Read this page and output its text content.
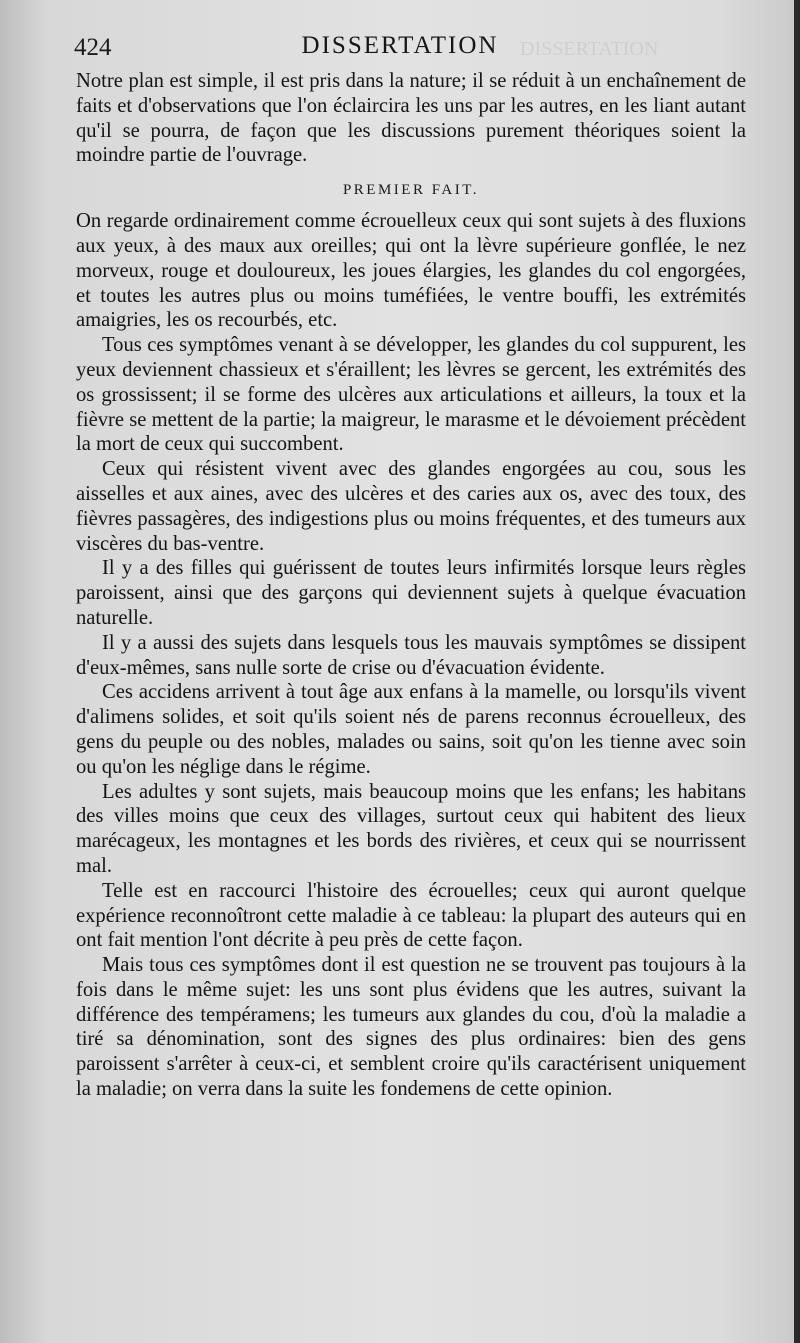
DISSERTATION
424	DISSERTATION

Notre plan est simple, il est pris dans la nature; il se réduit à un enchaînement de faits et d'observations que l'on éclaircira les uns par les autres, en les liant autant qu'il se pourra, de façon que les discussions purement théoriques soient la moindre partie de l'ouvrage.

PREMIER FAIT.

On regarde ordinairement comme écrouelleux ceux qui sont sujets à des fluxions aux yeux, à des maux aux oreilles; qui ont la lèvre supérieure gonflée, le nez morveux, rouge et douloureux, les joues élargies, les glandes du col engorgées, et toutes les autres plus ou moins tuméfiées, le ventre bouffi, les extrémités amaigries, les os recourbés, etc.

Tous ces symptômes venant à se développer, les glandes du col suppurent, les yeux deviennent chassieux et s'éraillent; les lèvres se gercent, les extrémités des os grossissent; il se forme des ulcères aux articulations et ailleurs, la toux et la fièvre se mettent de la partie; la maigreur, le marasme et le dévoiement précèdent la mort de ceux qui succombent.

Ceux qui résistent vivent avec des glandes engorgées au cou, sous les aisselles et aux aines, avec des ulcères et des caries aux os, avec des toux, des fièvres passagères, des indigestions plus ou moins fréquentes, et des tumeurs aux viscères du bas-ventre.

Il y a des filles qui guérissent de toutes leurs infirmités lorsque leurs règles paroissent, ainsi que des garçons qui deviennent sujets à quelque évacuation naturelle.

Il y a aussi des sujets dans lesquels tous les mauvais symptômes se dissipent d'eux-mêmes, sans nulle sorte de crise ou d'évacuation évidente.

Ces accidens arrivent à tout âge aux enfans à la mamelle, ou lorsqu'ils vivent d'alimens solides, et soit qu'ils soient nés de parens reconnus écrouelleux, des gens du peuple ou des nobles, malades ou sains, soit qu'on les tienne avec soin ou qu'on les néglige dans le régime.

Les adultes y sont sujets, mais beaucoup moins que les enfans; les habitans des villes moins que ceux des villages, surtout ceux qui habitent des lieux marécageux, les montagnes et les bords des rivières, et ceux qui se nourrissent mal.

Telle est en raccourci l'histoire des écrouelles; ceux qui auront quelque expérience reconnoîtront cette maladie à ce tableau: la plupart des auteurs qui en ont fait mention l'ont décrite à peu près de cette façon.

Mais tous ces symptômes dont il est question ne se trouvent pas toujours à la fois dans le même sujet: les uns sont plus évidens que les autres, suivant la différence des tempéramens; les tumeurs aux glandes du cou, d'où la maladie a tiré sa dénomination, sont des signes des plus ordinaires: bien des gens paroissent s'arrêter à ceux-ci, et semblent croire qu'ils caractérisent uniquement la maladie; on verra dans la suite les fondemens de cette opinion.
